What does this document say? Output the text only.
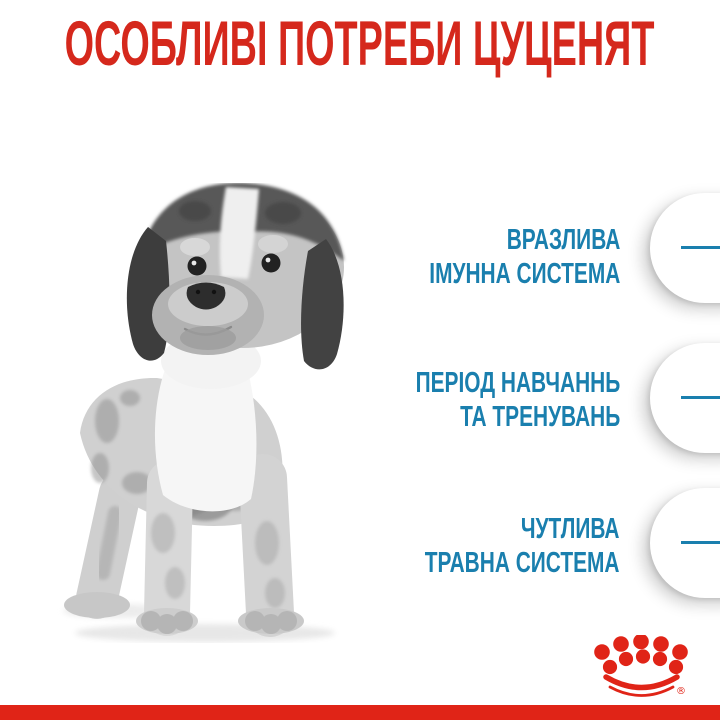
ОСОБЛИВІ ПОТРЕБИ ЦУЦЕНЯТ
ВРАЗЛИВА
ІМУННА СИСТЕМА
ПЕРІОД НАВЧАННЬ
ТА ТРЕНУВАНЬ
ЧУТЛИВА
ТРАВНА СИСТЕМА
®
